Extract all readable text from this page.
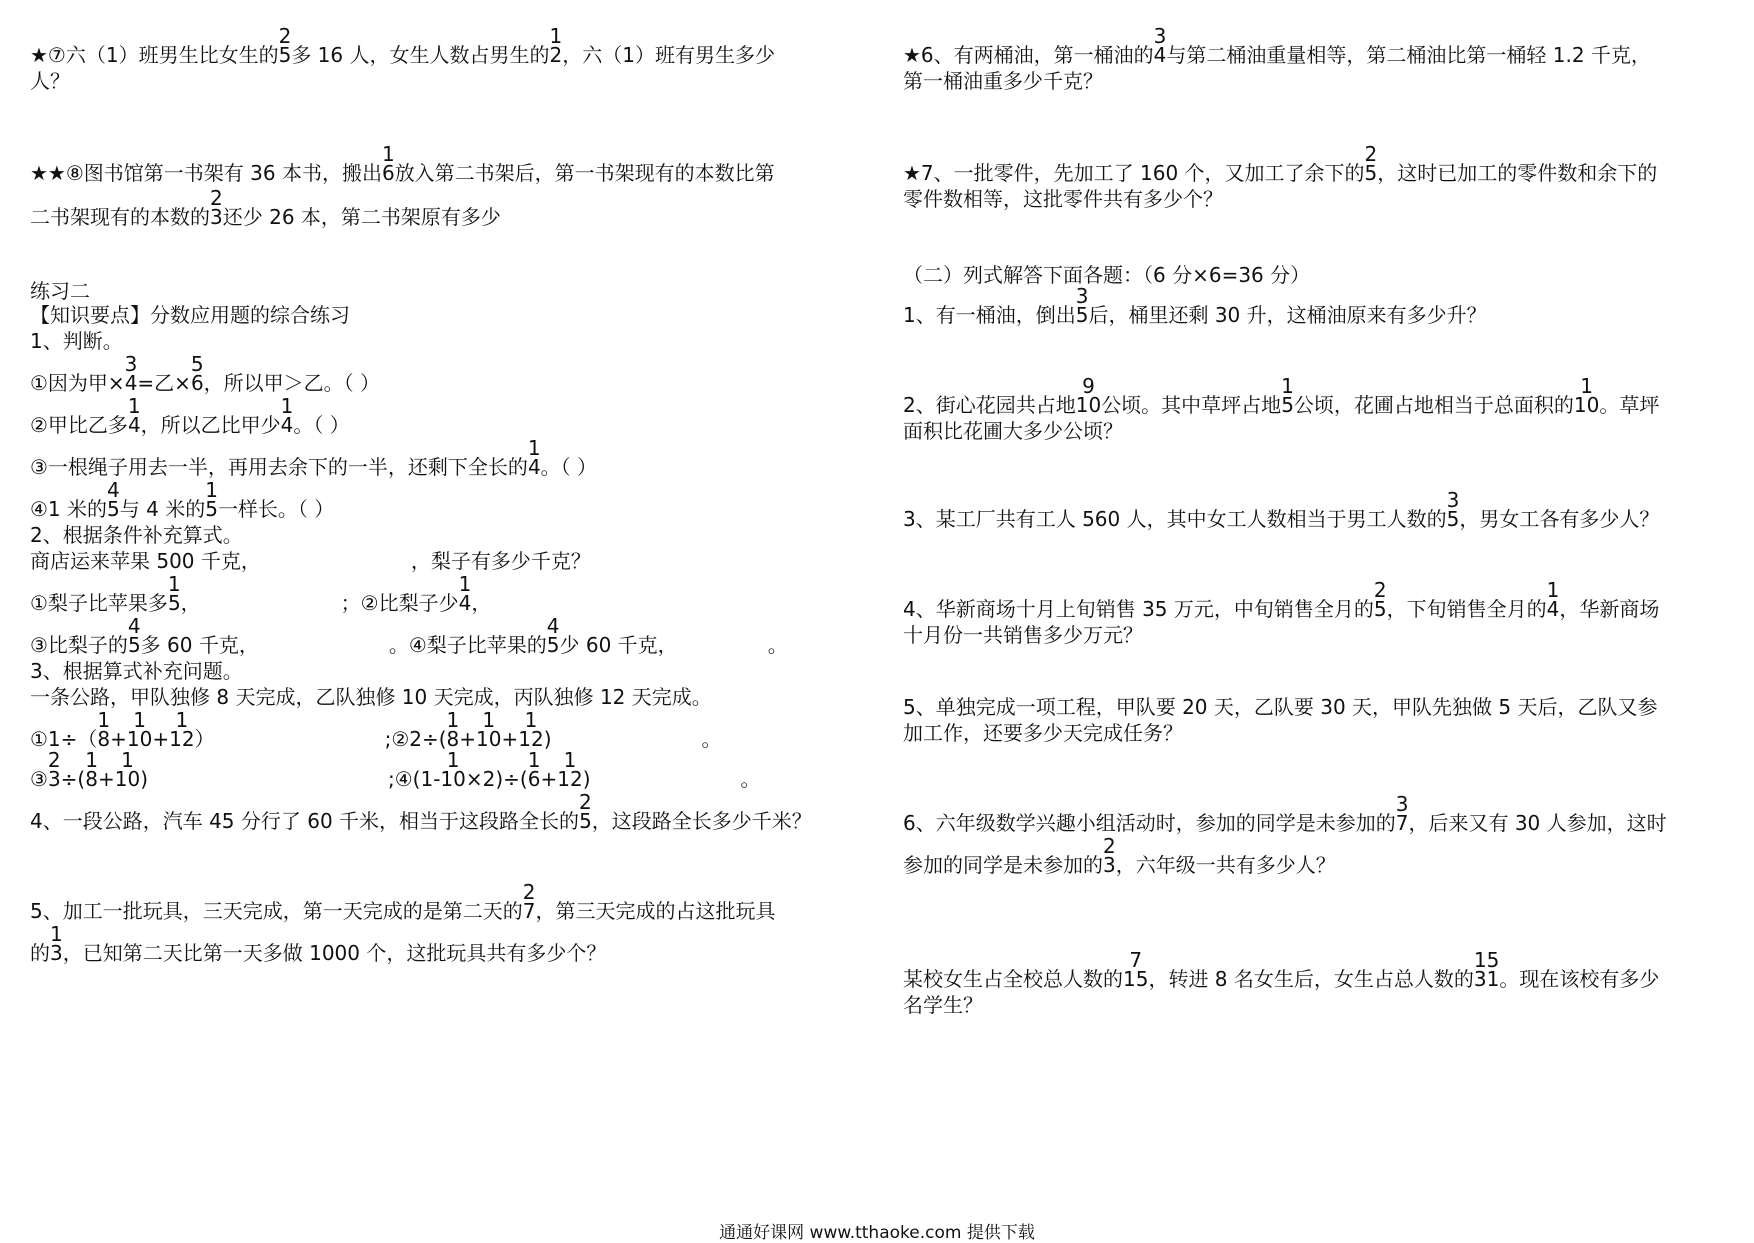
★⑦六（1）班男生比女生的
2
5多 16 人，女生人数占男生的
1
2，六（1）班有男生多少
人？
★★⑧图书馆第一书架有 36 本书，搬出
1
6放入第二书架后，第一书架现有的本数比第
二书架现有的本数的
2
3还少 26 本，第二书架原有多少
练习二
【知识要点】分数应用题的综合练习
1、判断。
①因为甲×
3
4=乙×
5
6，所以甲＞乙。（ ）
②甲比乙多
1
4，所以乙比甲少
1
4。（ ）
③一根绳子用去一半，再用去余下的一半，还剩下全长的
1
4。（ ）
④1 米的
4
5与 4 米的
1
5一样长。（ ）
2、根据条件补充算式。
商店运来苹果 500 千克，	，梨子有多少千克？
①梨子比苹果多
1
5，	；②比梨子少
1
4，
③比梨子的
4
5多 60 千克，	。④梨子比苹果的
4
5少 60 千克，	。
3、根据算式补充问题。
一条公路，甲队独修 8 天完成，乙队独修 10 天完成，丙队独修 12 天完成。
①1÷（
1
8+
1
10+
1
12）	;②2÷(
1
8+
1
10+
1
12)	。
③
2
3÷(
1
8+
1
10)	;④(1-
1
10×2)÷(
1
6+
1
12)	。
4、一段公路，汽车 45 分行了 60 千米，相当于这段路全长的
2
5，这段路全长多少千米？
5、加工一批玩具，三天完成，第一天完成的是第二天的
2
7，第三天完成的占这批玩具
的
1
3，已知第二天比第一天多做 1000 个，这批玩具共有多少个？
★6、有两桶油，第一桶油的
3
4与第二桶油重量相等，第二桶油比第一桶轻 1.2 千克，
第一桶油重多少千克？
★7、一批零件，先加工了 160 个，又加工了余下的
2
5，这时已加工的零件数和余下的
零件数相等，这批零件共有多少个？
（二）列式解答下面各题：（6 分×6=36 分）
1、有一桶油，倒出
3
5后，桶里还剩 30 升，这桶油原来有多少升？
2、街心花园共占地
9
10公顷。其中草坪占地
1
5公顷，花圃占地相当于总面积的
1
10。草坪
面积比花圃大多少公顷？
3、某工厂共有工人 560 人，其中女工人数相当于男工人数的
3
5，男女工各有多少人？
4、华新商场十月上旬销售 35 万元，中旬销售全月的
2
5，下旬销售全月的
1
4，华新商场
十月份一共销售多少万元？
5、单独完成一项工程，甲队要 20 天，乙队要 30 天，甲队先独做 5 天后，乙队又参
加工作，还要多少天完成任务？
6、六年级数学兴趣小组活动时，参加的同学是未参加的
3
7，后来又有 30 人参加，这时
参加的同学是未参加的
2
3，六年级一共有多少人？
某校女生占全校总人数的
7
15，转进 8 名女生后，女生占总人数的
15
31。现在该校有多少
名学生？
通通好课网 www.tthaoke.com 提供下载
